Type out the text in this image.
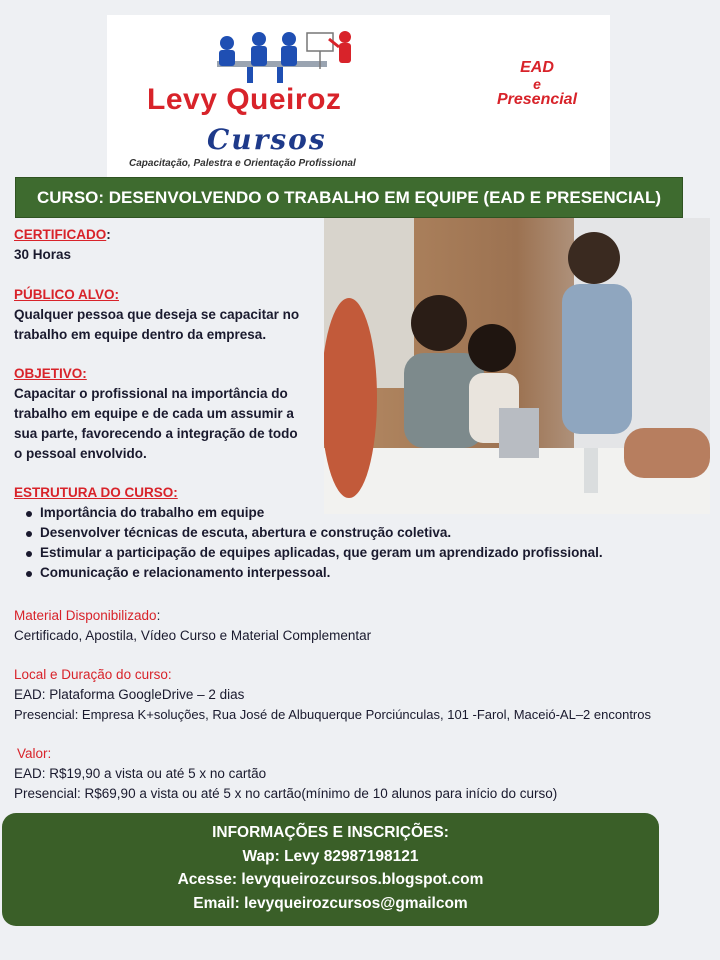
Levy Queiroz
Cursos
Capacitação, Palestra e Orientação Profissional
EAD
e
Presencial
CURSO: DESENVOLVENDO O TRABALHO EM EQUIPE (EAD E PRESENCIAL)
CERTIFICADO:
30 Horas
PÚBLICO ALVO:
Qualquer pessoa que deseja se capacitar no
trabalho em equipe dentro da empresa.
OBJETIVO:
Capacitar o profissional na importância do
trabalho em equipe e de cada um assumir a
sua parte, favorecendo a integração de todo
o pessoal envolvido.
ESTRUTURA DO CURSO:
Importância do trabalho em equipe
Desenvolver técnicas de escuta, abertura e construção coletiva.
Estimular a participação de equipes aplicadas, que geram um aprendizado profissional.
Comunicação e relacionamento interpessoal.
Material Disponibilizado:
Certificado, Apostila, Vídeo Curso e Material Complementar
Local e Duração do curso:
EAD: Plataforma GoogleDrive – 2 dias
Presencial: Empresa K+soluções, Rua José de Albuquerque Porciúnculas, 101 -Farol, Maceió-AL–2 encontros
Valor:
EAD: R$19,90 a vista ou até 5 x no cartão
Presencial: R$69,90 a vista ou até 5 x no cartão(mínimo de 10 alunos para início do curso)
INFORMAÇÕES E INSCRIÇÕES:
Wap: Levy 82987198121
Acesse: levyqueirozcursos.blogspot.com
Email: levyqueirozcursos@gmailcom
